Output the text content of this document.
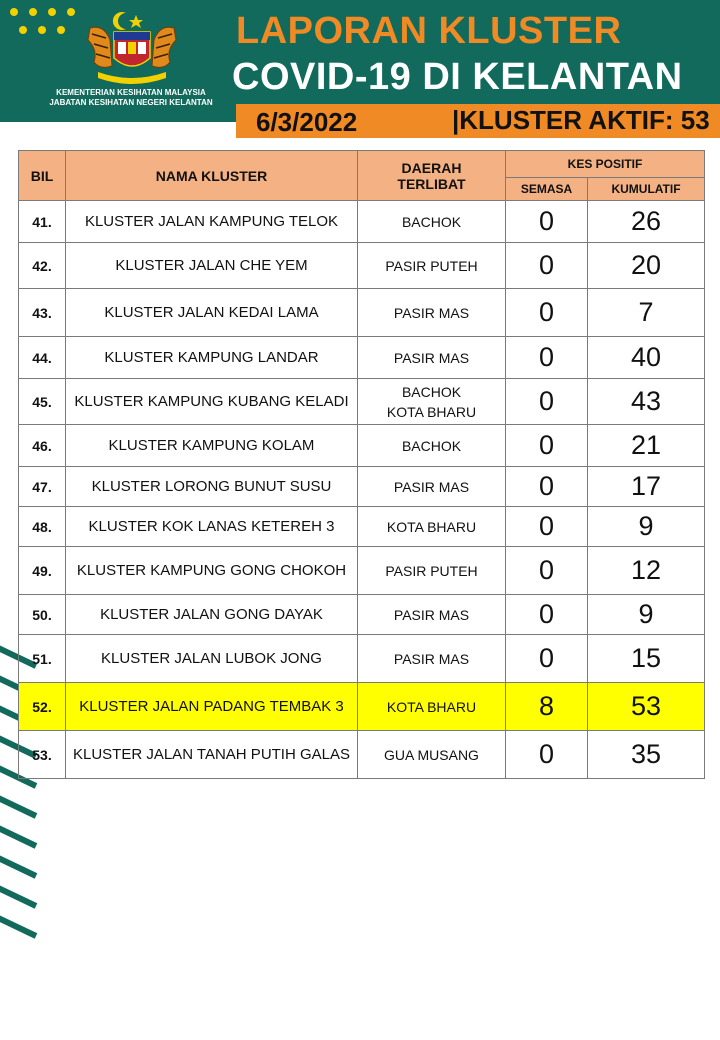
KEMENTERIAN KESIHATAN MALAYSIA
JABATAN KESIHATAN NEGERI KELANTAN
LAPORAN KLUSTER
COVID-19 DI KELANTAN
6/3/2022	|KLUSTER AKTIF: 53
BIL	NAMA KLUSTER	DAERAH
TERLIBAT	KES POSITIF	
			SEMASA	KUMULATIF
41.	KLUSTER JALAN KAMPUNG TELOK	BACHOK	0	26
42.	KLUSTER JALAN CHE YEM	PASIR PUTEH	0	20
43.	KLUSTER JALAN KEDAI LAMA	PASIR MAS	0	7
44.	KLUSTER KAMPUNG LANDAR	PASIR MAS	0	40
45.	KLUSTER KAMPUNG KUBANG KELADI	BACHOK
KOTA BHARU	0	43
46.	KLUSTER KAMPUNG KOLAM	BACHOK	0	21
47.	KLUSTER LORONG BUNUT SUSU	PASIR MAS	0	17
48.	KLUSTER KOK LANAS KETEREH 3	KOTA BHARU	0	9
49.	KLUSTER KAMPUNG GONG CHOKOH	PASIR PUTEH	0	12
50.	KLUSTER JALAN GONG DAYAK	PASIR MAS	0	9
51.	KLUSTER JALAN LUBOK JONG	PASIR MAS	0	15
52.	KLUSTER JALAN PADANG TEMBAK 3	KOTA BHARU	8	53
53.	KLUSTER JALAN TANAH PUTIH GALAS	GUA MUSANG	0	35
